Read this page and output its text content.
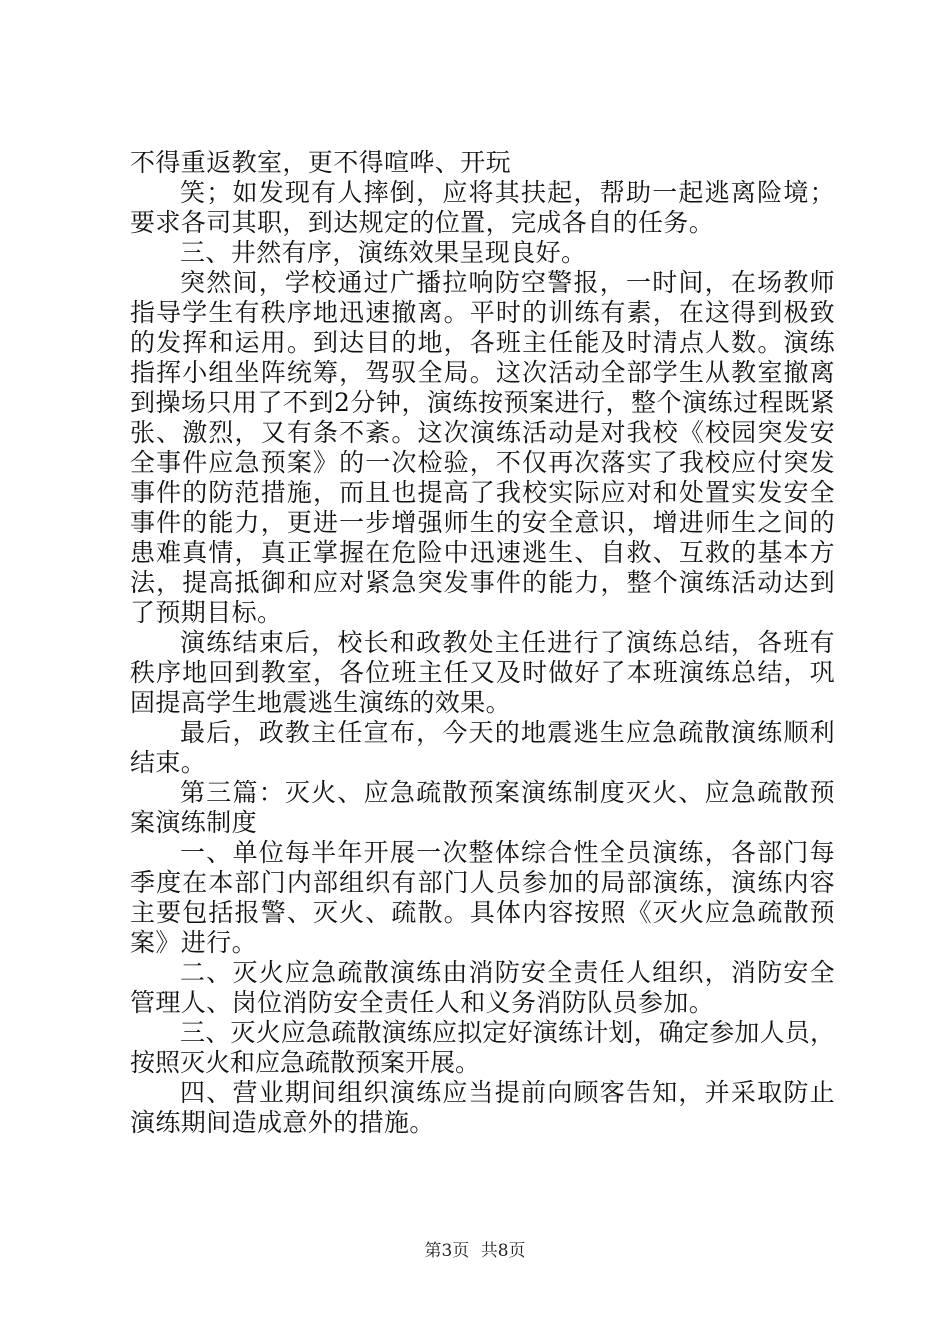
不得重返教室，更不得喧哗、开玩

笑；如发现有人摔倒，应将其扶起，帮助一起逃离险境；要求各司其职，到达规定的位置，完成各自的任务。

三、井然有序，演练效果呈现良好。

突然间，学校通过广播拉响防空警报，一时间，在场教师指导学生有秩序地迅速撤离。平时的训练有素，在这得到极致的发挥和运用。到达目的地，各班主任能及时清点人数。演练指挥小组坐阵统筹，驾驭全局。这次活动全部学生从教室撤离到操场只用了不到2分钟，演练按预案进行，整个演练过程既紧张、激烈，又有条不紊。这次演练活动是对我校《校园突发安全事件应急预案》的一次检验，不仅再次落实了我校应付突发事件的防范措施，而且也提高了我校实际应对和处置实发安全事件的能力，更进一步增强师生的安全意识，增进师生之间的患难真情，真正掌握在危险中迅速逃生、自救、互救的基本方法，提高抵御和应对紧急突发事件的能力，整个演练活动达到了预期目标。

演练结束后，校长和政教处主任进行了演练总结，各班有秩序地回到教室，各位班主任又及时做好了本班演练总结，巩固提高学生地震逃生演练的效果。

最后，政教主任宣布，今天的地震逃生应急疏散演练顺利结束。

第三篇：灭火、应急疏散预案演练制度灭火、应急疏散预案演练制度

一、单位每半年开展一次整体综合性全员演练，各部门每季度在本部门内部组织有部门人员参加的局部演练，演练内容主要包括报警、灭火、疏散。具体内容按照《灭火应急疏散预案》进行。

二、灭火应急疏散演练由消防安全责任人组织，消防安全管理人、岗位消防安全责任人和义务消防队员参加。

三、灭火应急疏散演练应拟定好演练计划，确定参加人员，按照灭火和应急疏散预案开展。

四、营业期间组织演练应当提前向顾客告知，并采取防止演练期间造成意外的措施。

第3页 共8页
